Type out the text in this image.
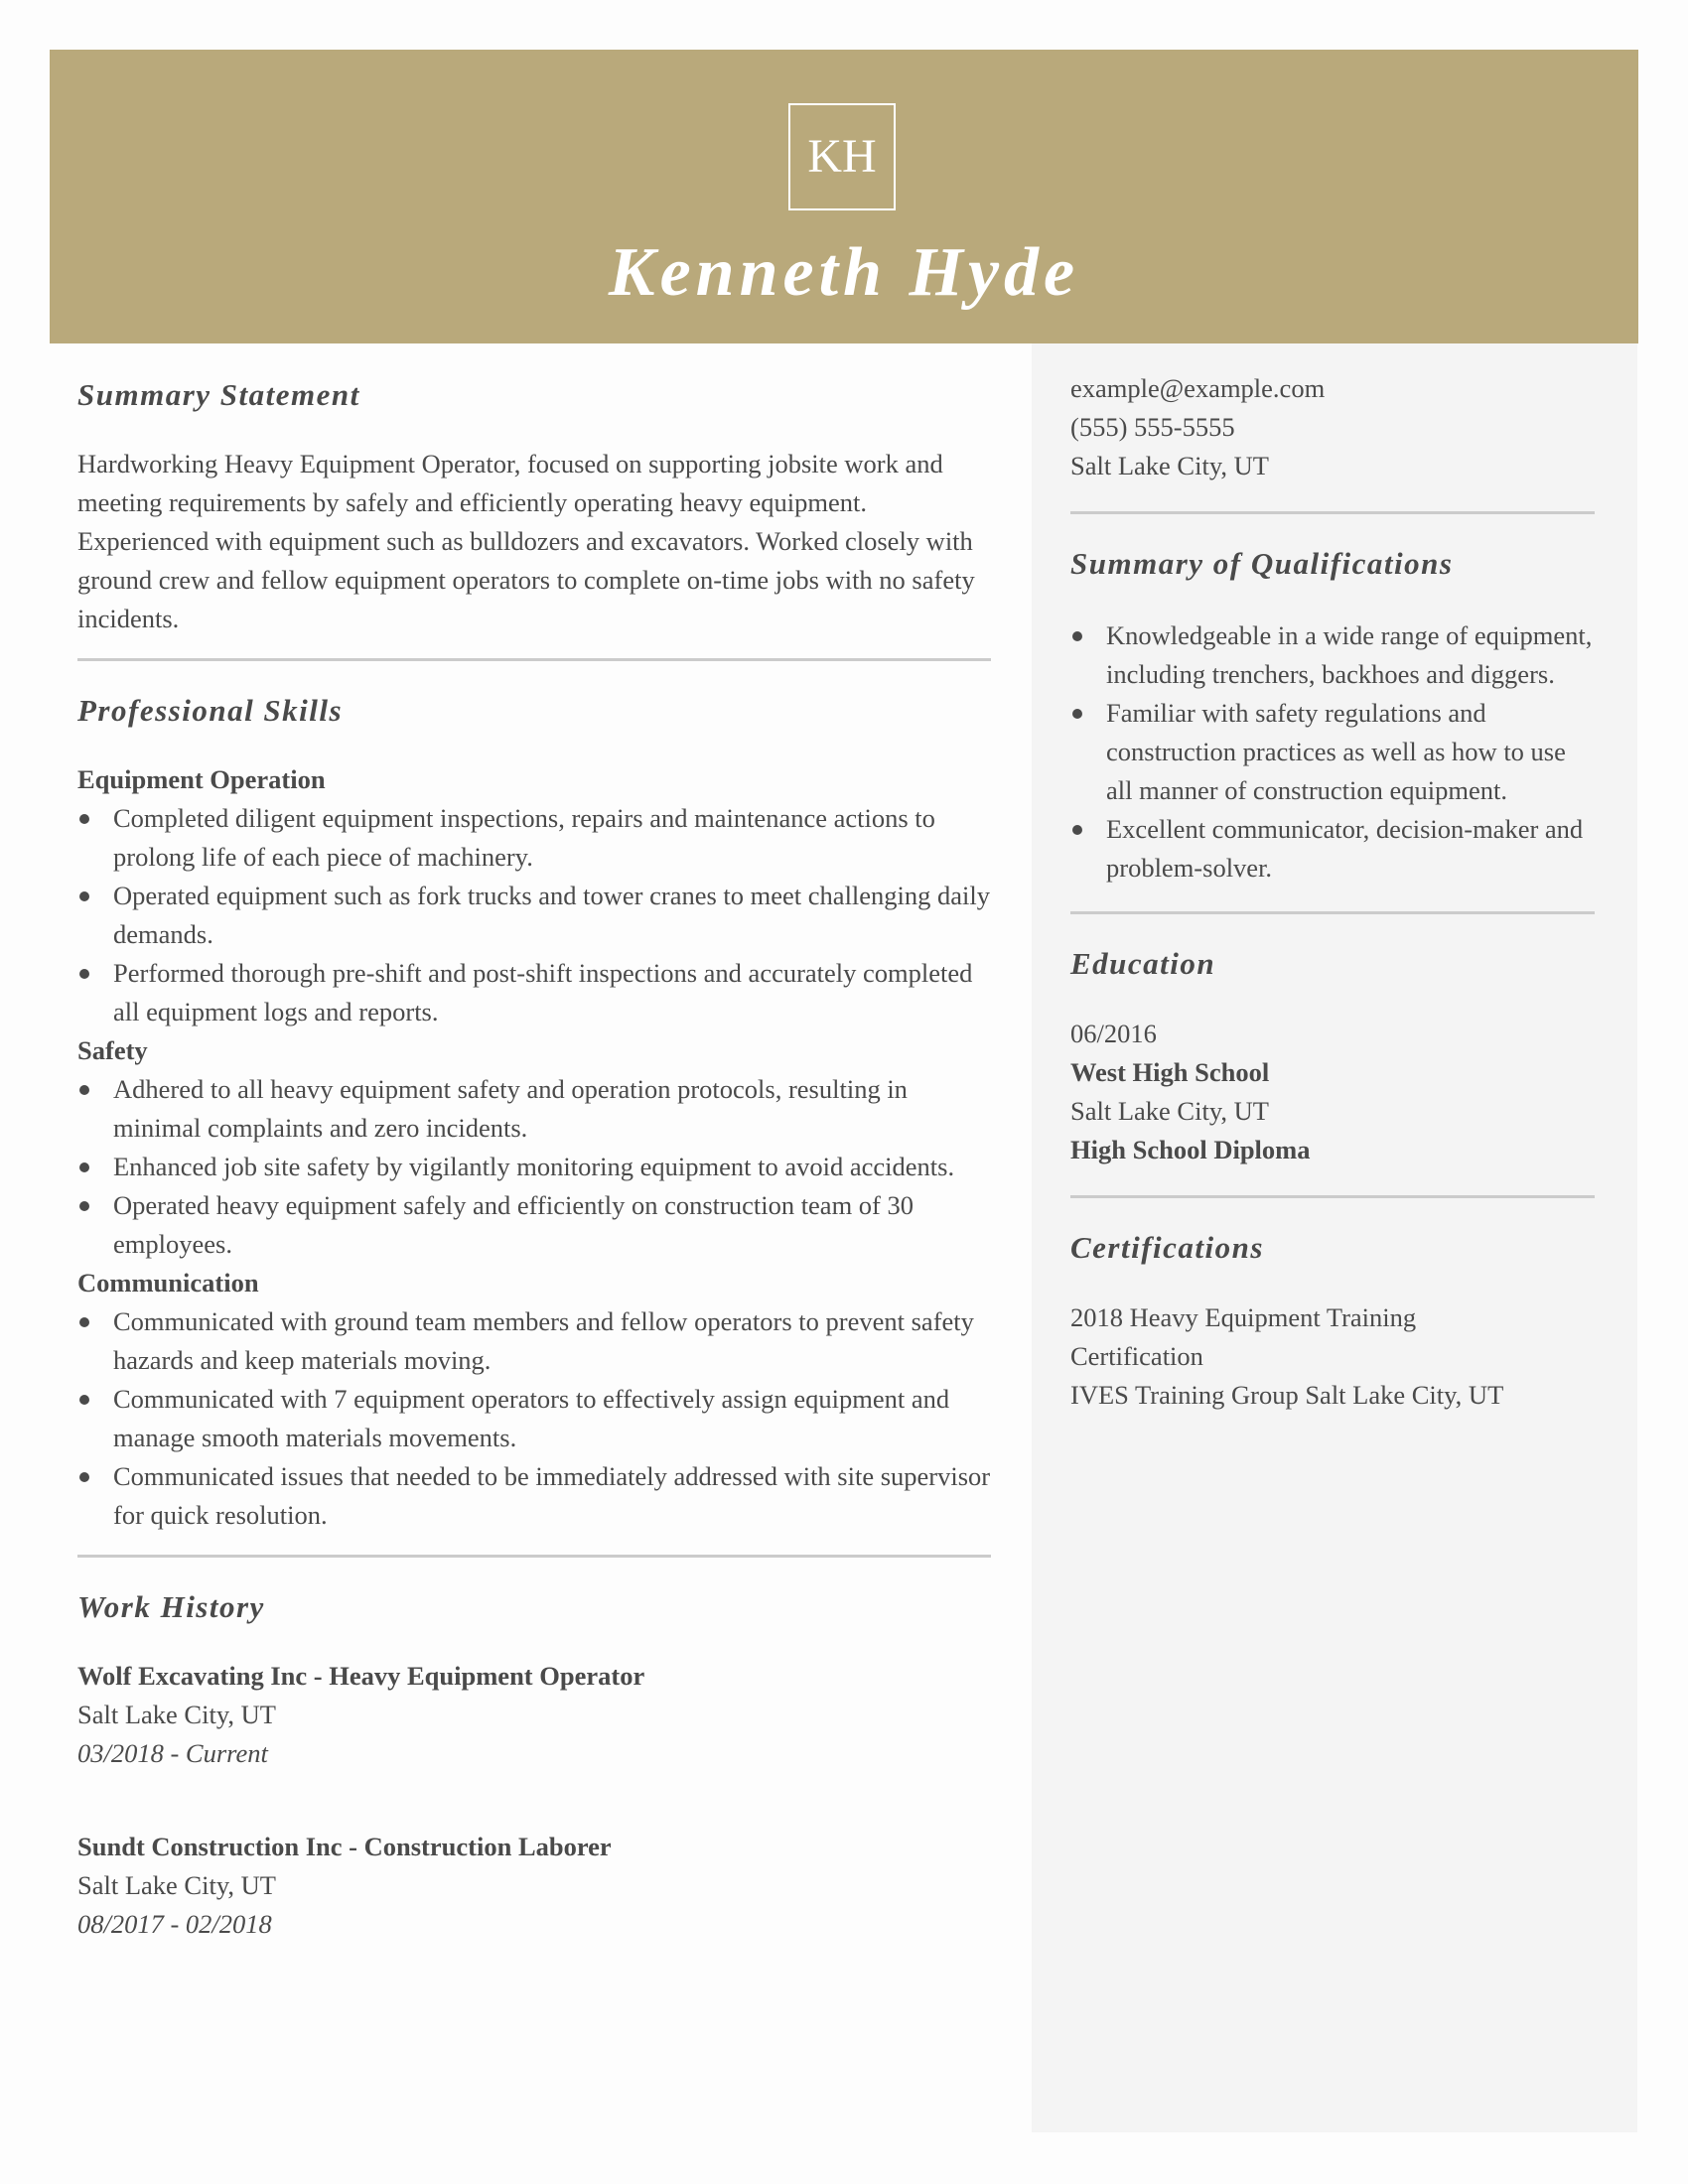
KH
Kenneth Hyde
Summary Statement
Hardworking Heavy Equipment Operator, focused on supporting jobsite work and meeting requirements by safely and efficiently operating heavy equipment. Experienced with equipment such as bulldozers and excavators. Worked closely with ground crew and fellow equipment operators to complete on-time jobs with no safety incidents.
Professional Skills
Equipment Operation
Completed diligent equipment inspections, repairs and maintenance actions to prolong life of each piece of machinery.
Operated equipment such as fork trucks and tower cranes to meet challenging daily demands.
Performed thorough pre-shift and post-shift inspections and accurately completed all equipment logs and reports.
Safety
Adhered to all heavy equipment safety and operation protocols, resulting in minimal complaints and zero incidents.
Enhanced job site safety by vigilantly monitoring equipment to avoid accidents.
Operated heavy equipment safely and efficiently on construction team of 30 employees.
Communication
Communicated with ground team members and fellow operators to prevent safety hazards and keep materials moving.
Communicated with 7 equipment operators to effectively assign equipment and manage smooth materials movements.
Communicated issues that needed to be immediately addressed with site supervisor for quick resolution.
Work History
Wolf Excavating Inc - Heavy Equipment Operator
Salt Lake City, UT
03/2018 - Current
Sundt Construction Inc - Construction Laborer
Salt Lake City, UT
08/2017 - 02/2018
example@example.com
(555) 555-5555
Salt Lake City, UT
Summary of Qualifications
Knowledgeable in a wide range of equipment, including trenchers, backhoes and diggers.
Familiar with safety regulations and construction practices as well as how to use all manner of construction equipment.
Excellent communicator, decision-maker and problem-solver.
Education
06/2016
West High School
Salt Lake City, UT
High School Diploma
Certifications
2018 Heavy Equipment Training Certification
IVES Training Group Salt Lake City, UT
